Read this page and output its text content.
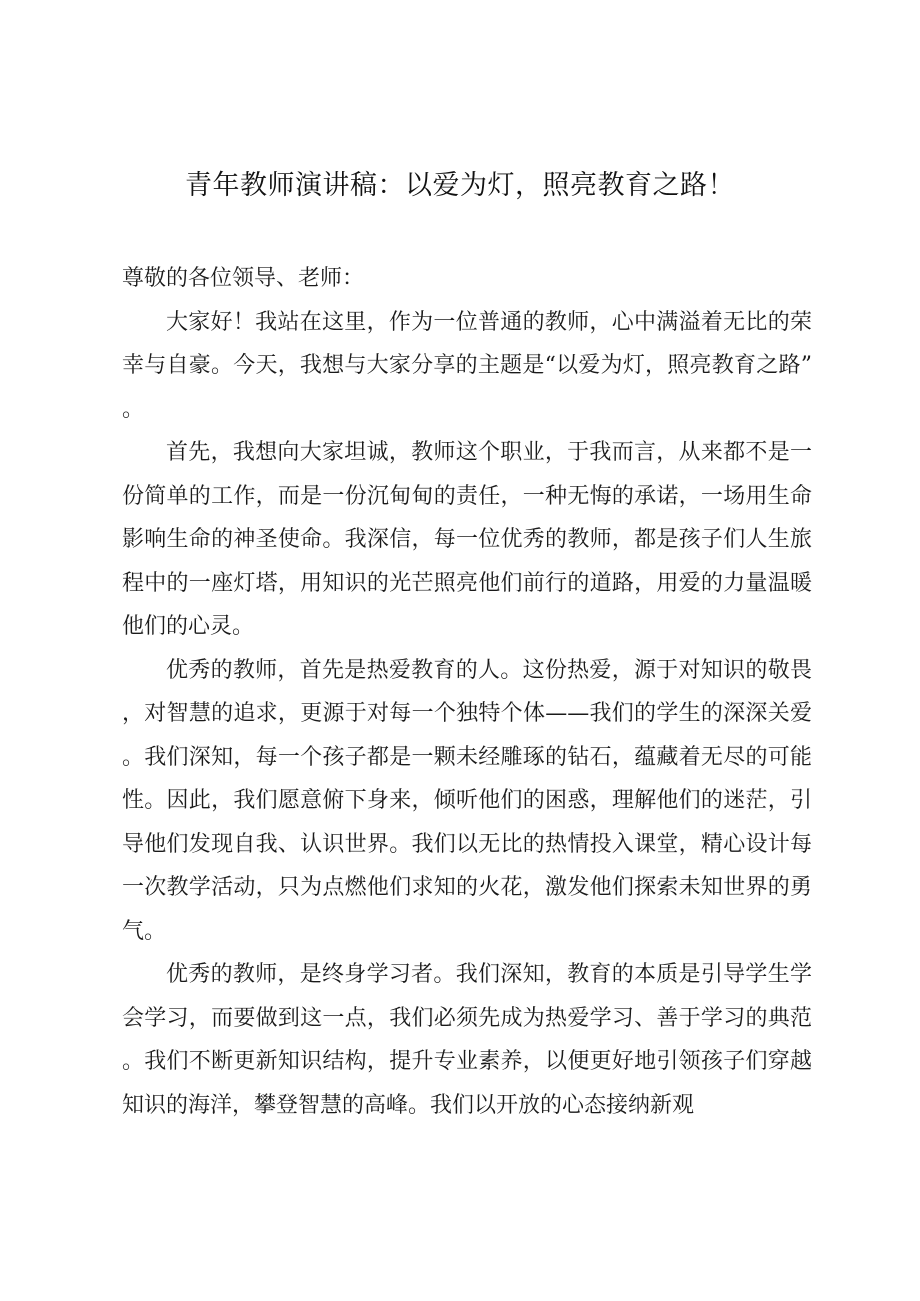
青年教师演讲稿：以爱为灯，照亮教育之路！

尊敬的各位领导、老师：

大家好！我站在这里，作为一位普通的教师，心中满溢着无比的荣幸与自豪。今天，我想与大家分享的主题是“以爱为灯，照亮教育之路”。

首先，我想向大家坦诚，教师这个职业，于我而言，从来都不是一份简单的工作，而是一份沉甸甸的责任，一种无悔的承诺，一场用生命影响生命的神圣使命。我深信，每一位优秀的教师，都是孩子们人生旅程中的一座灯塔，用知识的光芒照亮他们前行的道路，用爱的力量温暖他们的心灵。

优秀的教师，首先是热爱教育的人。这份热爱，源于对知识的敬畏，对智慧的追求，更源于对每一个独特个体——我们的学生的深深关爱。我们深知，每一个孩子都是一颗未经雕琢的钻石，蕴藏着无尽的可能性。因此，我们愿意俯下身来，倾听他们的困惑，理解他们的迷茫，引导他们发现自我、认识世界。我们以无比的热情投入课堂，精心设计每一次教学活动，只为点燃他们求知的火花，激发他们探索未知世界的勇气。

优秀的教师，是终身学习者。我们深知，教育的本质是引导学生学会学习，而要做到这一点，我们必须先成为热爱学习、善于学习的典范。我们不断更新知识结构，提升专业素养，以便更好地引领孩子们穿越知识的海洋，攀登智慧的高峰。我们以开放的心态接纳新观
